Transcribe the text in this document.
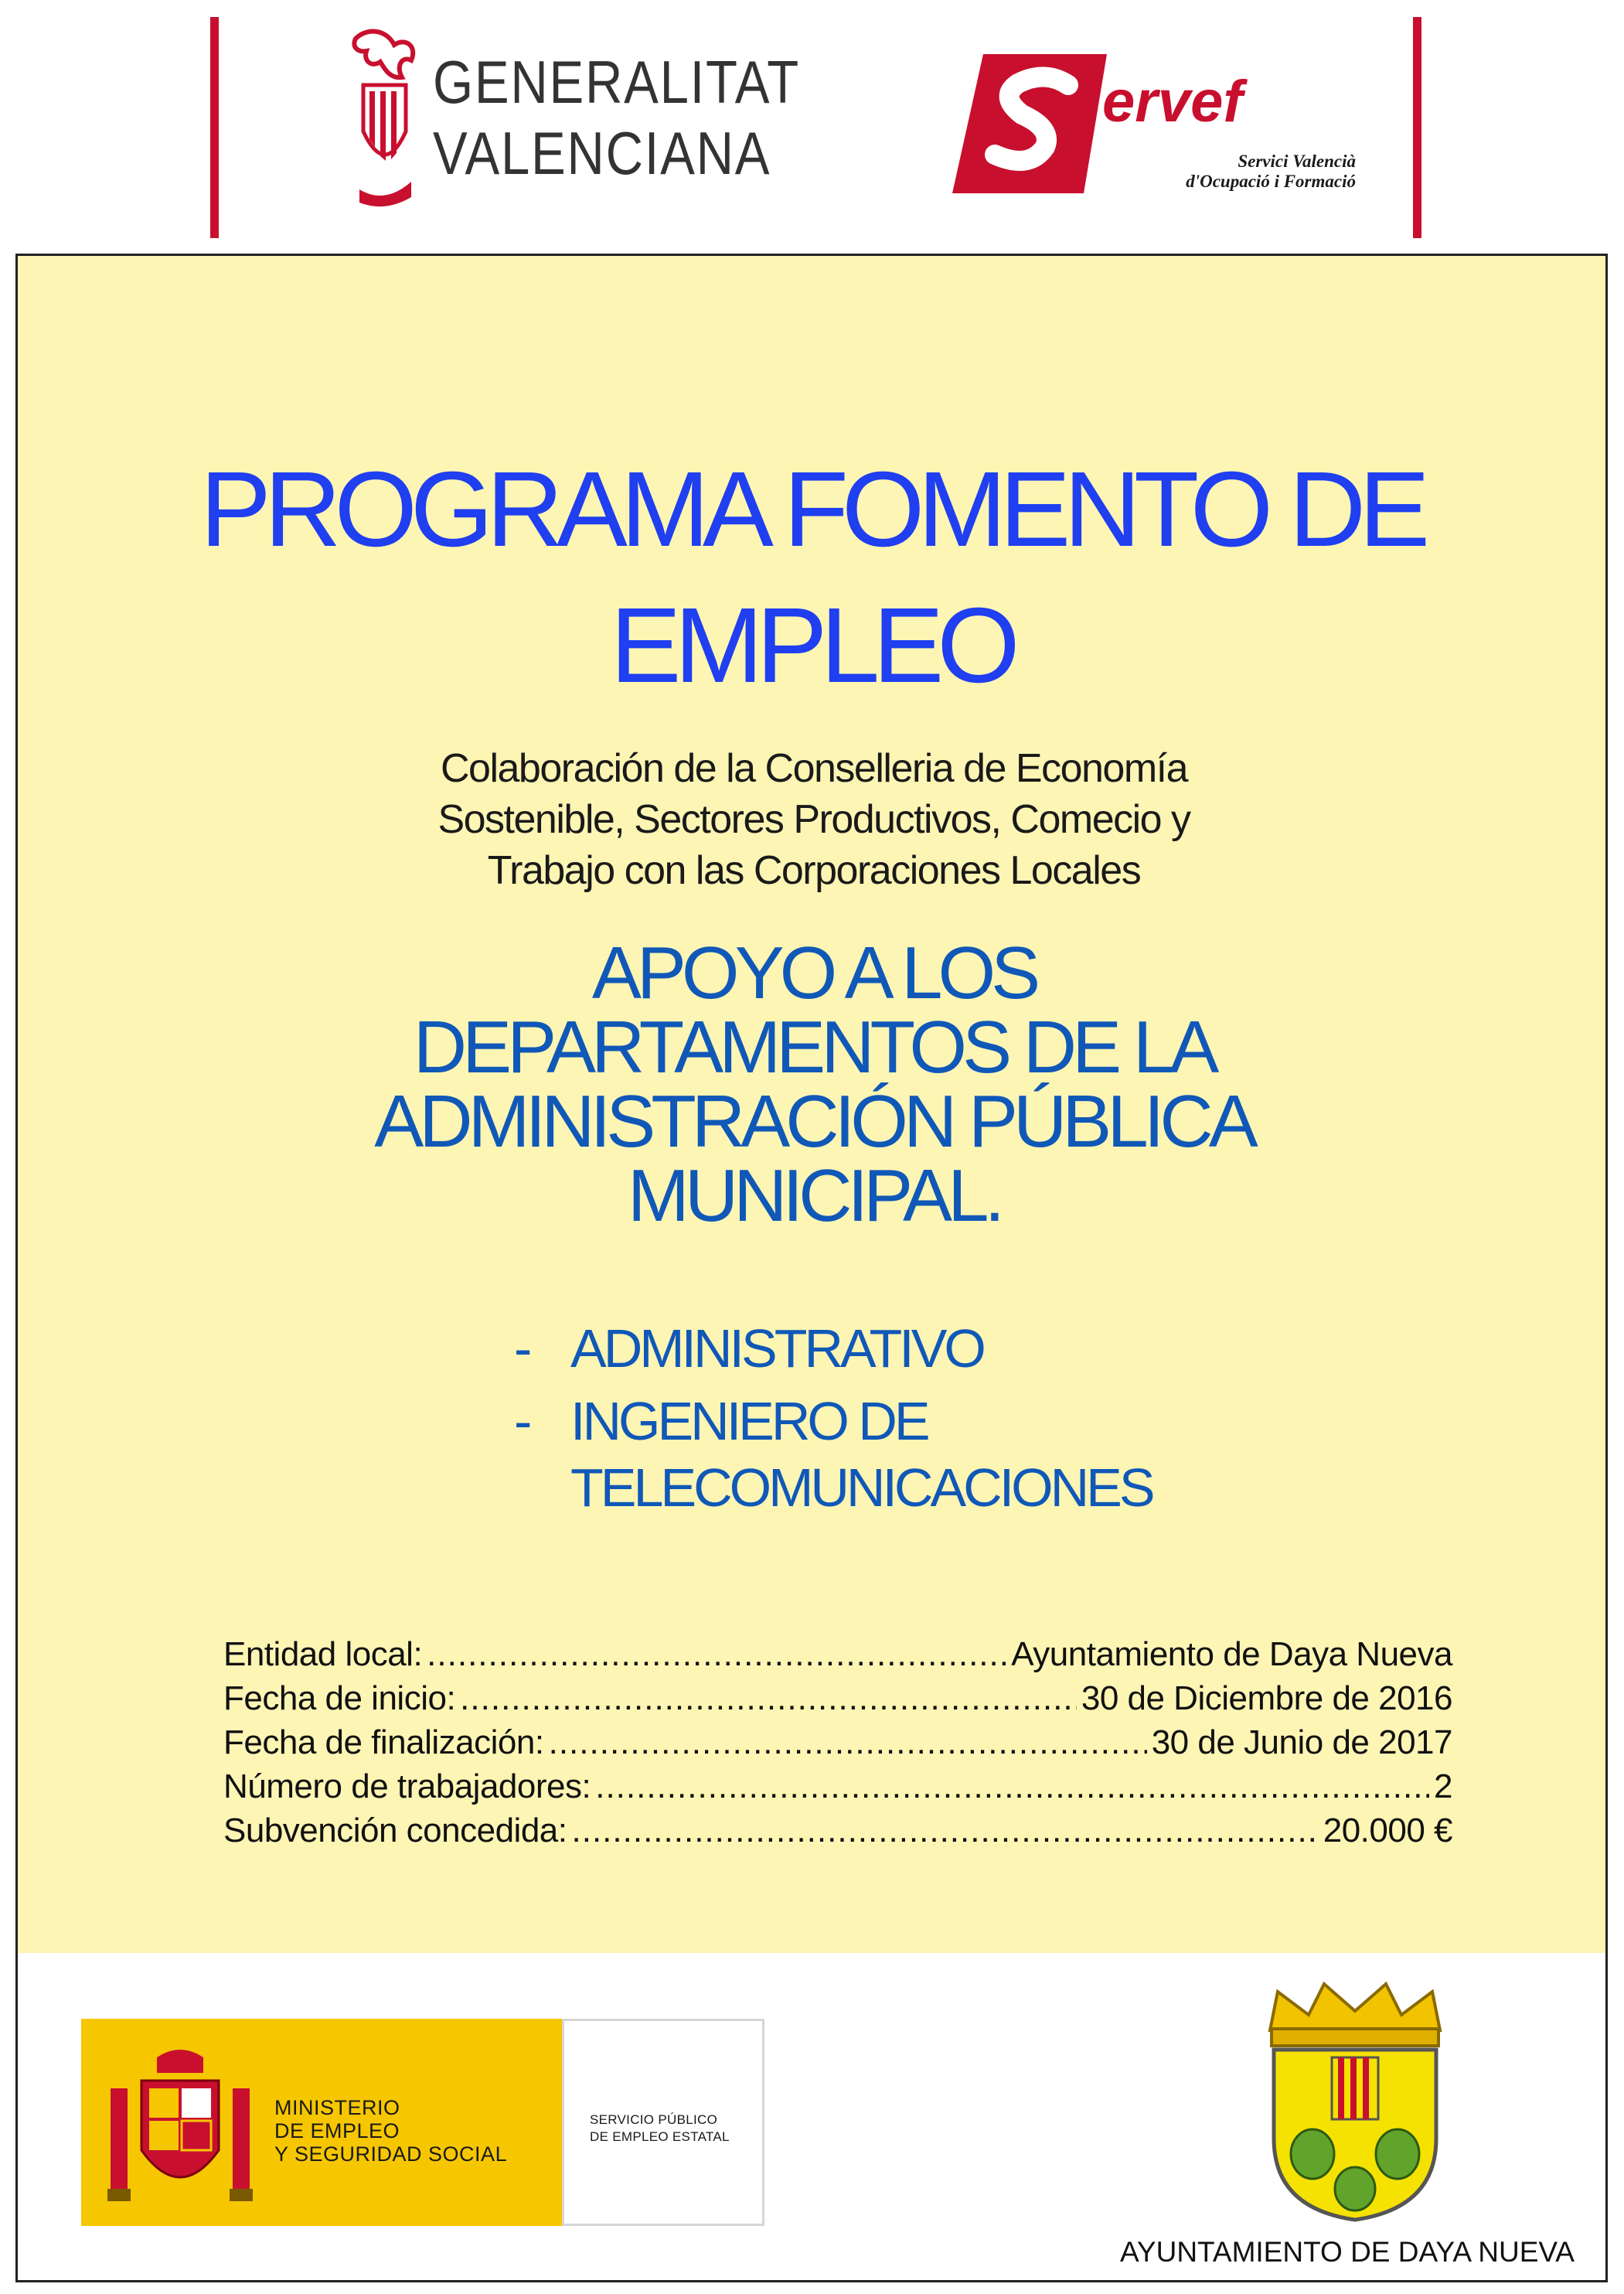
GENERALITAT
VALENCIANA
ervef
Servici Valencià
d'Ocupació i Formació
PROGRAMA FOMENTO DE
EMPLEO
Colaboración de la Conselleria de Economía
Sostenible, Sectores Productivos, Comecio y
Trabajo con las Corporaciones Locales
APOYO A LOS
DEPARTAMENTOS DE LA
ADMINISTRACIÓN PÚBLICA
MUNICIPAL.
- ADMINISTRATIVO
- INGENIERO DE
TELECOMUNICACIONES
Entidad local: .....	Ayuntamiento de Daya Nueva
Fecha de inicio: .....	30 de Diciembre de 2016
Fecha de finalización: .....	30 de Junio de 2017
Número de trabajadores: .....	2
Subvención concedida: .....	20.000 €
MINISTERIO
DE EMPLEO
Y SEGURIDAD SOCIAL
SERVICIO PÚBLICO
DE EMPLEO ESTATAL
AYUNTAMIENTO DE DAYA NUEVA
